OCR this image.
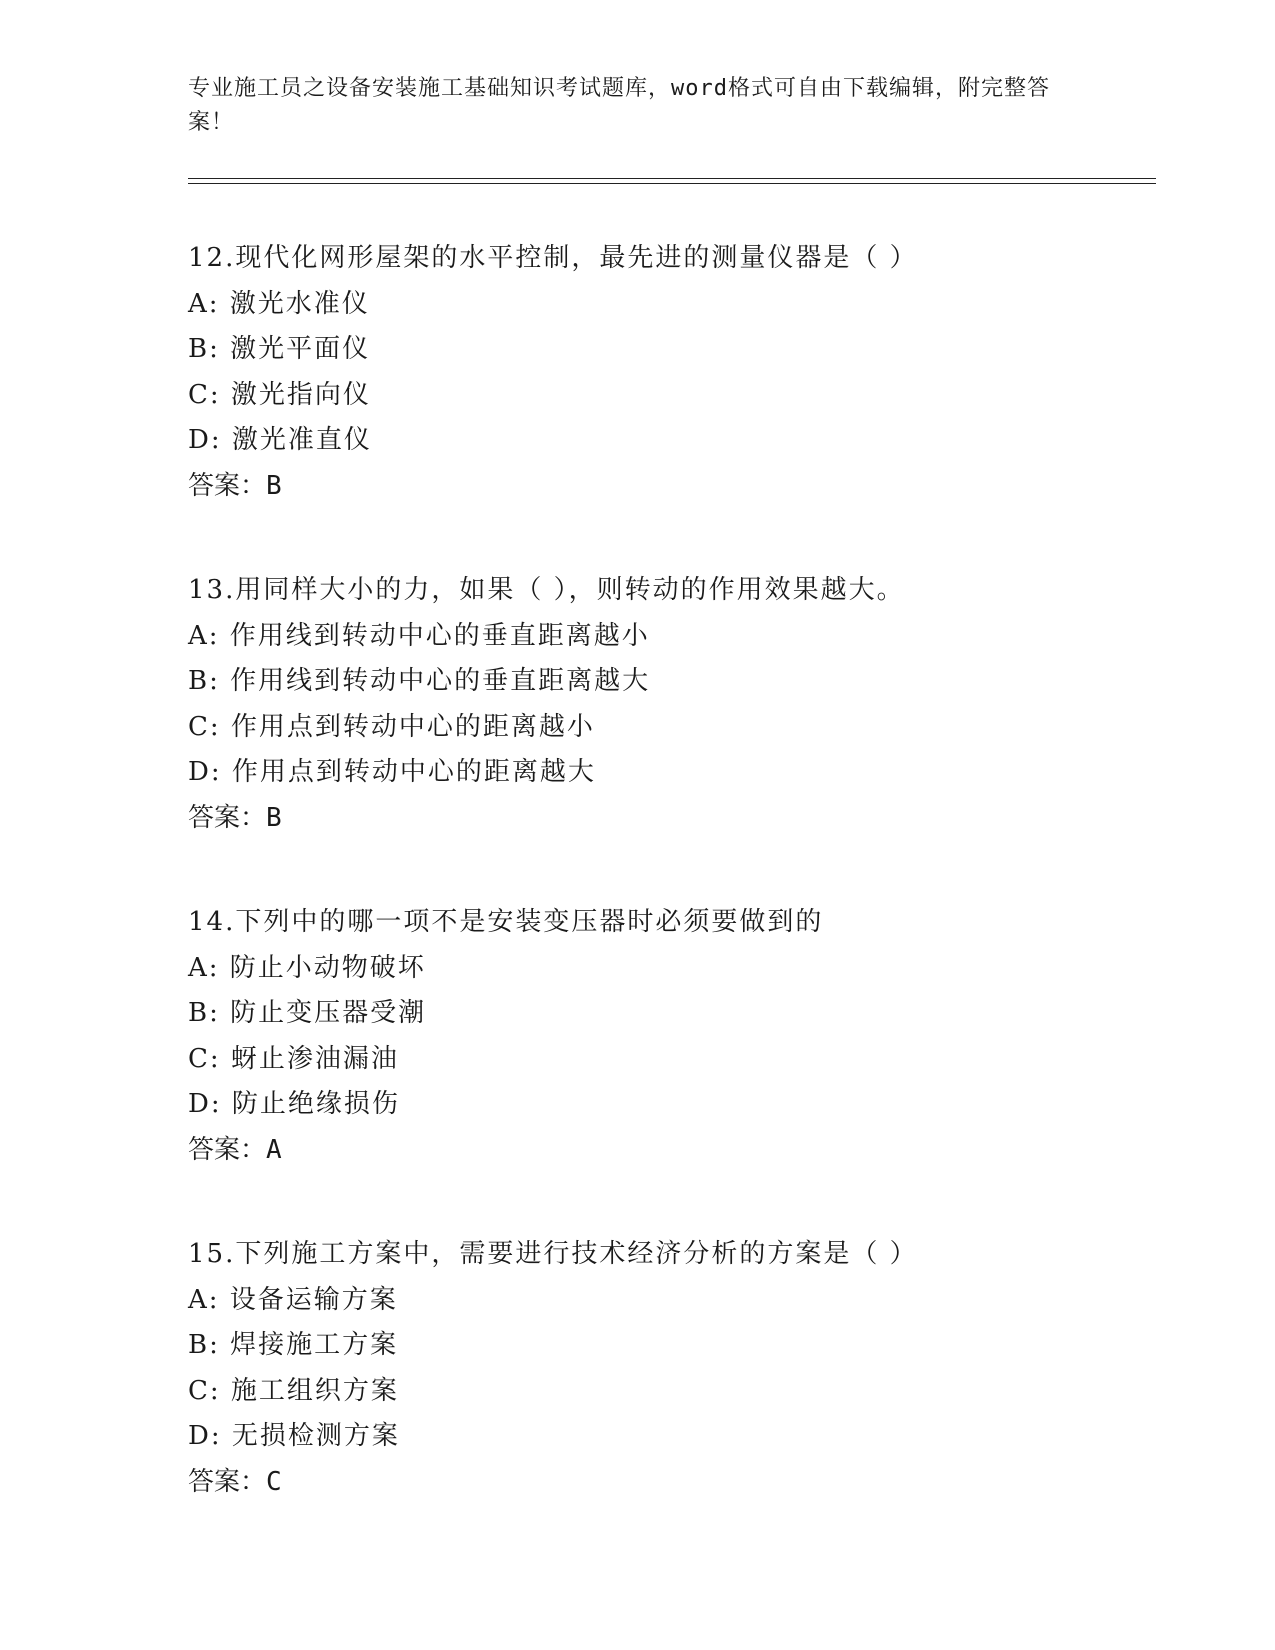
专业施工员之设备安装施工基础知识考试题库，word格式可自由下载编辑，附完整答案！
12.现代化网形屋架的水平控制，最先进的测量仪器是（ ）
A: 激光水准仪
B: 激光平面仪
C: 激光指向仪
D: 激光准直仪
答案：B
13.用同样大小的力，如果（ ），则转动的作用效果越大。
A: 作用线到转动中心的垂直距离越小
B: 作用线到转动中心的垂直距离越大
C: 作用点到转动中心的距离越小
D: 作用点到转动中心的距离越大
答案：B
14.下列中的哪一项不是安装变压器时必须要做到的
A: 防止小动物破坏
B: 防止变压器受潮
C: 蚜止渗油漏油
D: 防止绝缘损伤
答案：A
15.下列施工方案中，需要进行技术经济分析的方案是（ ）
A: 设备运输方案
B: 焊接施工方案
C: 施工组织方案
D: 无损检测方案
答案：C
